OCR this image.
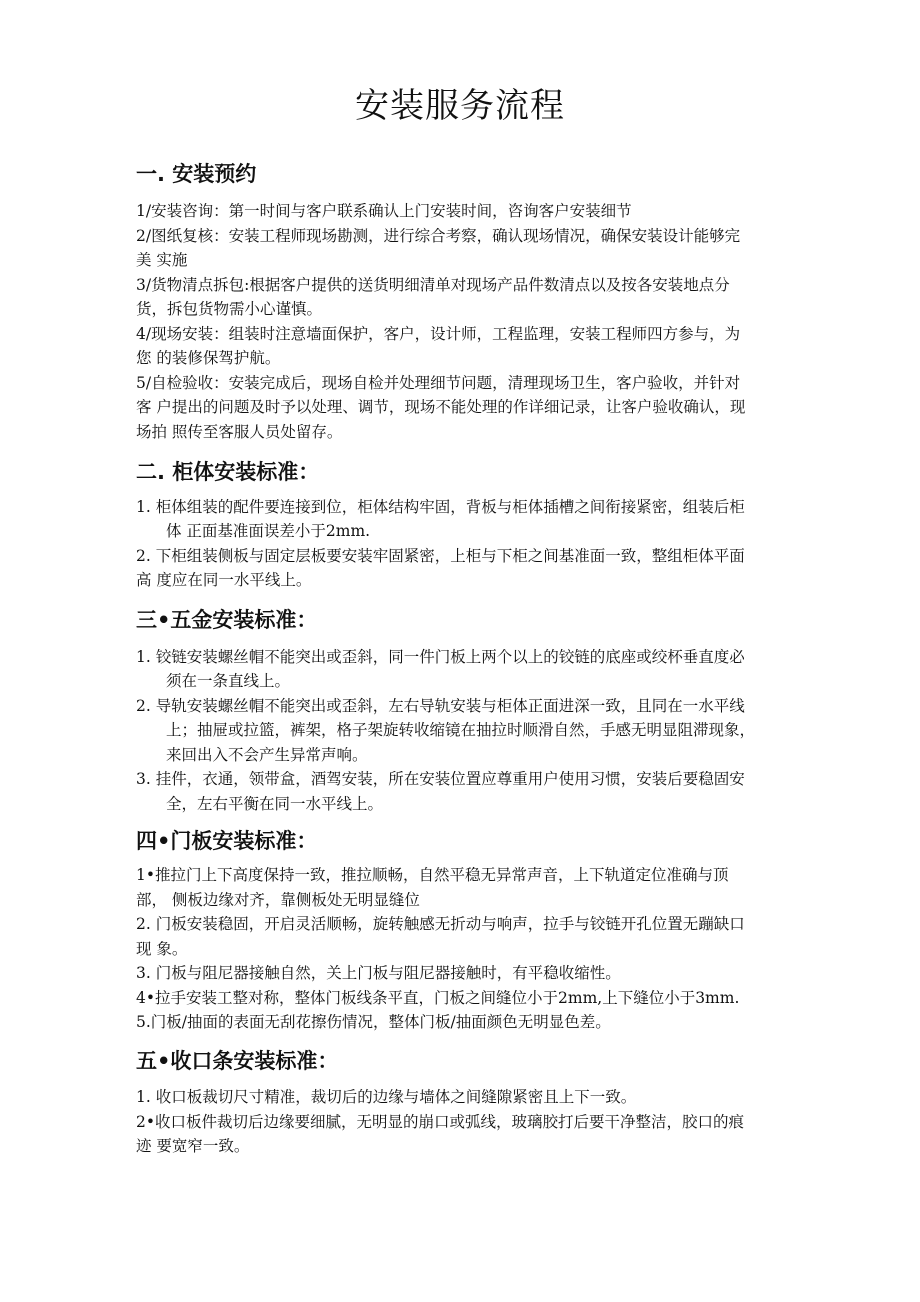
安装服务流程
一. 安装预约

1/安装咨询：第一时间与客户联系确认上门安装时间，咨询客户安装细节

2/图纸复核：安装工程师现场勘测，进行综合考察，确认现场情况，确保安装设计能够完

美 实施

3/货物清点拆包:根据客户提供的送货明细清单对现场产品件数清点以及按各安装地点分

货，拆包货物需小心谨慎。

4/现场安装：组装时注意墙面保护，客户，设计师，工程监理，安装工程师四方参与，为

您 的装修保驾护航。

5/自检验收：安装完成后，现场自检并处理细节问题，清理现场卫生，客户验收，并针对

客 户提出的问题及时予以处理、调节，现场不能处理的作详细记录，让客户验收确认，现

场拍 照传至客服人员处留存。

二. 柜体安装标准：

1. 柜体组装的配件要连接到位，柜体结构牢固，背板与柜体插槽之间衔接紧密，组装后柜

体 正面基准面误差小于2mm.

2. 下柜组装侧板与固定层板要安装牢固紧密，上柜与下柜之间基准面一致，整组柜体平面

高 度应在同一水平线上。

三•五金安装标准：

1. 铰链安装螺丝帽不能突出或歪斜，同一件门板上两个以上的铰链的底座或绞杯垂直度必

须在一条直线上。

2. 导轨安装螺丝帽不能突出或歪斜，左右导轨安装与柜体正面进深一致，且同在一水平线

上；抽屉或拉篮，裤架，格子架旋转收缩镜在抽拉时顺滑自然，手感无明显阻滞现象，

来回出入不会产生异常声响。

3. 挂件，衣通，领带盒，酒驾安装，所在安装位置应尊重用户使用习惯，安装后要稳固安

全，左右平衡在同一水平线上。

四•门板安装标准：

1•推拉门上下高度保持一致，推拉顺畅，自然平稳无异常声音，上下轨道定位准确与顶

部， 侧板边缘对齐，靠侧板处无明显缝位

2. 门板安装稳固，开启灵活顺畅，旋转触感无折动与响声，拉手与铰链开孔位置无蹦缺口

现 象。

3. 门板与阻尼器接触自然，关上门板与阻尼器接触时，有平稳收缩性。

4•拉手安装工整对称，整体门板线条平直，门板之间缝位小于2mm,上下缝位小于3mm.

5.门板/抽面的表面无刮花擦伤情况，整体门板/抽面颜色无明显色差。

五•收口条安装标准：

1. 收口板裁切尺寸精准，裁切后的边缘与墙体之间缝隙紧密且上下一致。

2•收口板件裁切后边缘要细腻，无明显的崩口或弧线，玻璃胶打后要干净整洁，胶口的痕

迹 要宽窄一致。
